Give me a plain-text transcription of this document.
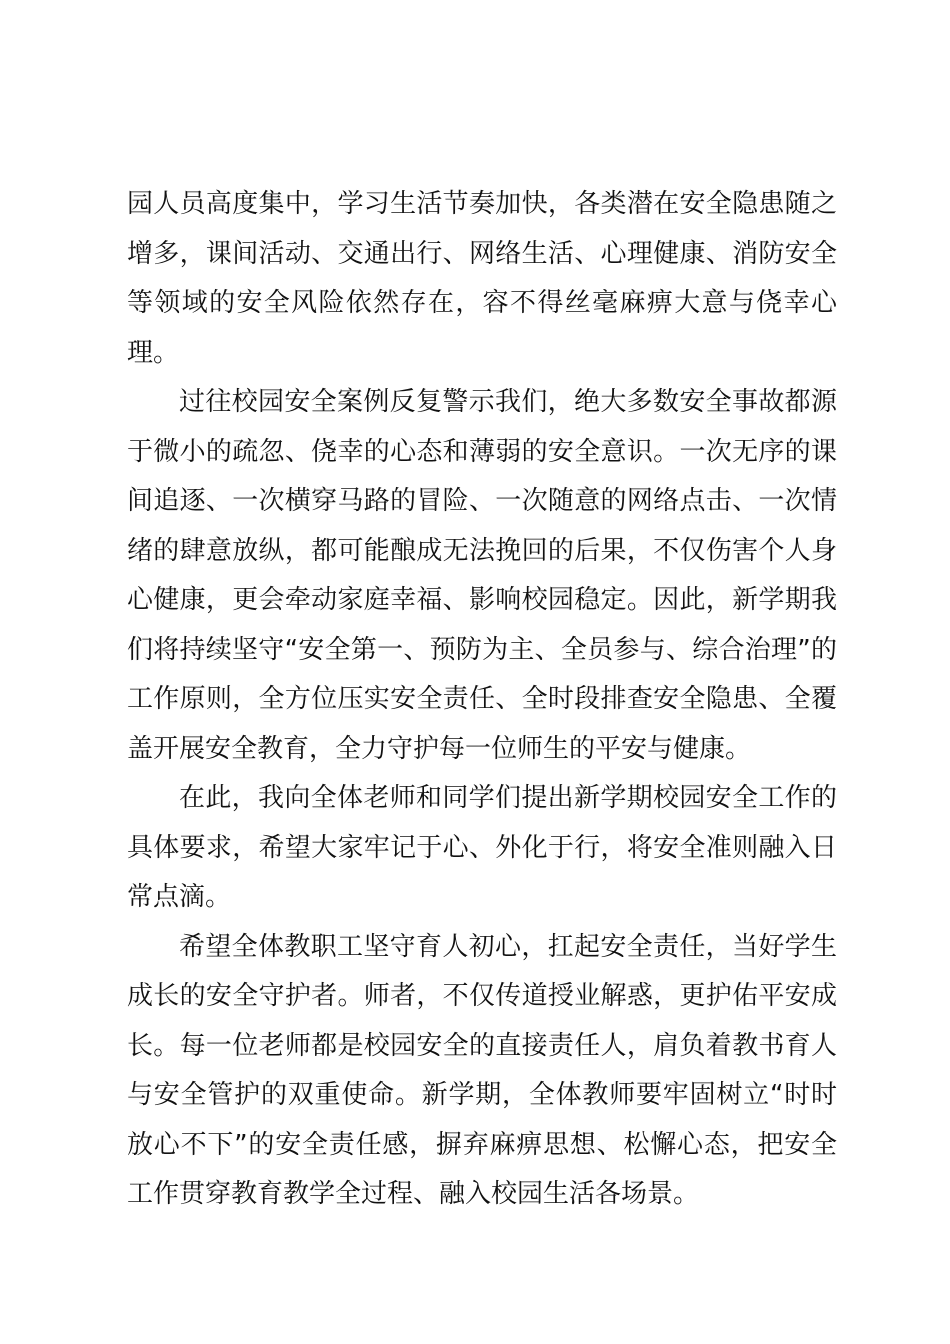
园人员高度集中，学习生活节奏加快，各类潜在安全隐患随之增多，课间活动、交通出行、网络生活、心理健康、消防安全等领域的安全风险依然存在，容不得丝毫麻痹大意与侥幸心理。

过往校园安全案例反复警示我们，绝大多数安全事故都源于微小的疏忽、侥幸的心态和薄弱的安全意识。一次无序的课间追逐、一次横穿马路的冒险、一次随意的网络点击、一次情绪的肆意放纵，都可能酿成无法挽回的后果，不仅伤害个人身心健康，更会牵动家庭幸福、影响校园稳定。因此，新学期我们将持续坚守“安全第一、预防为主、全员参与、综合治理”的工作原则，全方位压实安全责任、全时段排查安全隐患、全覆盖开展安全教育，全力守护每一位师生的平安与健康。

在此，我向全体老师和同学们提出新学期校园安全工作的具体要求，希望大家牢记于心、外化于行，将安全准则融入日常点滴。

希望全体教职工坚守育人初心，扛起安全责任，当好学生成长的安全守护者。师者，不仅传道授业解惑，更护佑平安成长。每一位老师都是校园安全的直接责任人，肩负着教书育人与安全管护的双重使命。新学期，全体教师要牢固树立“时时放心不下”的安全责任感，摒弃麻痹思想、松懈心态，把安全工作贯穿教育教学全过程、融入校园生活各场景。
